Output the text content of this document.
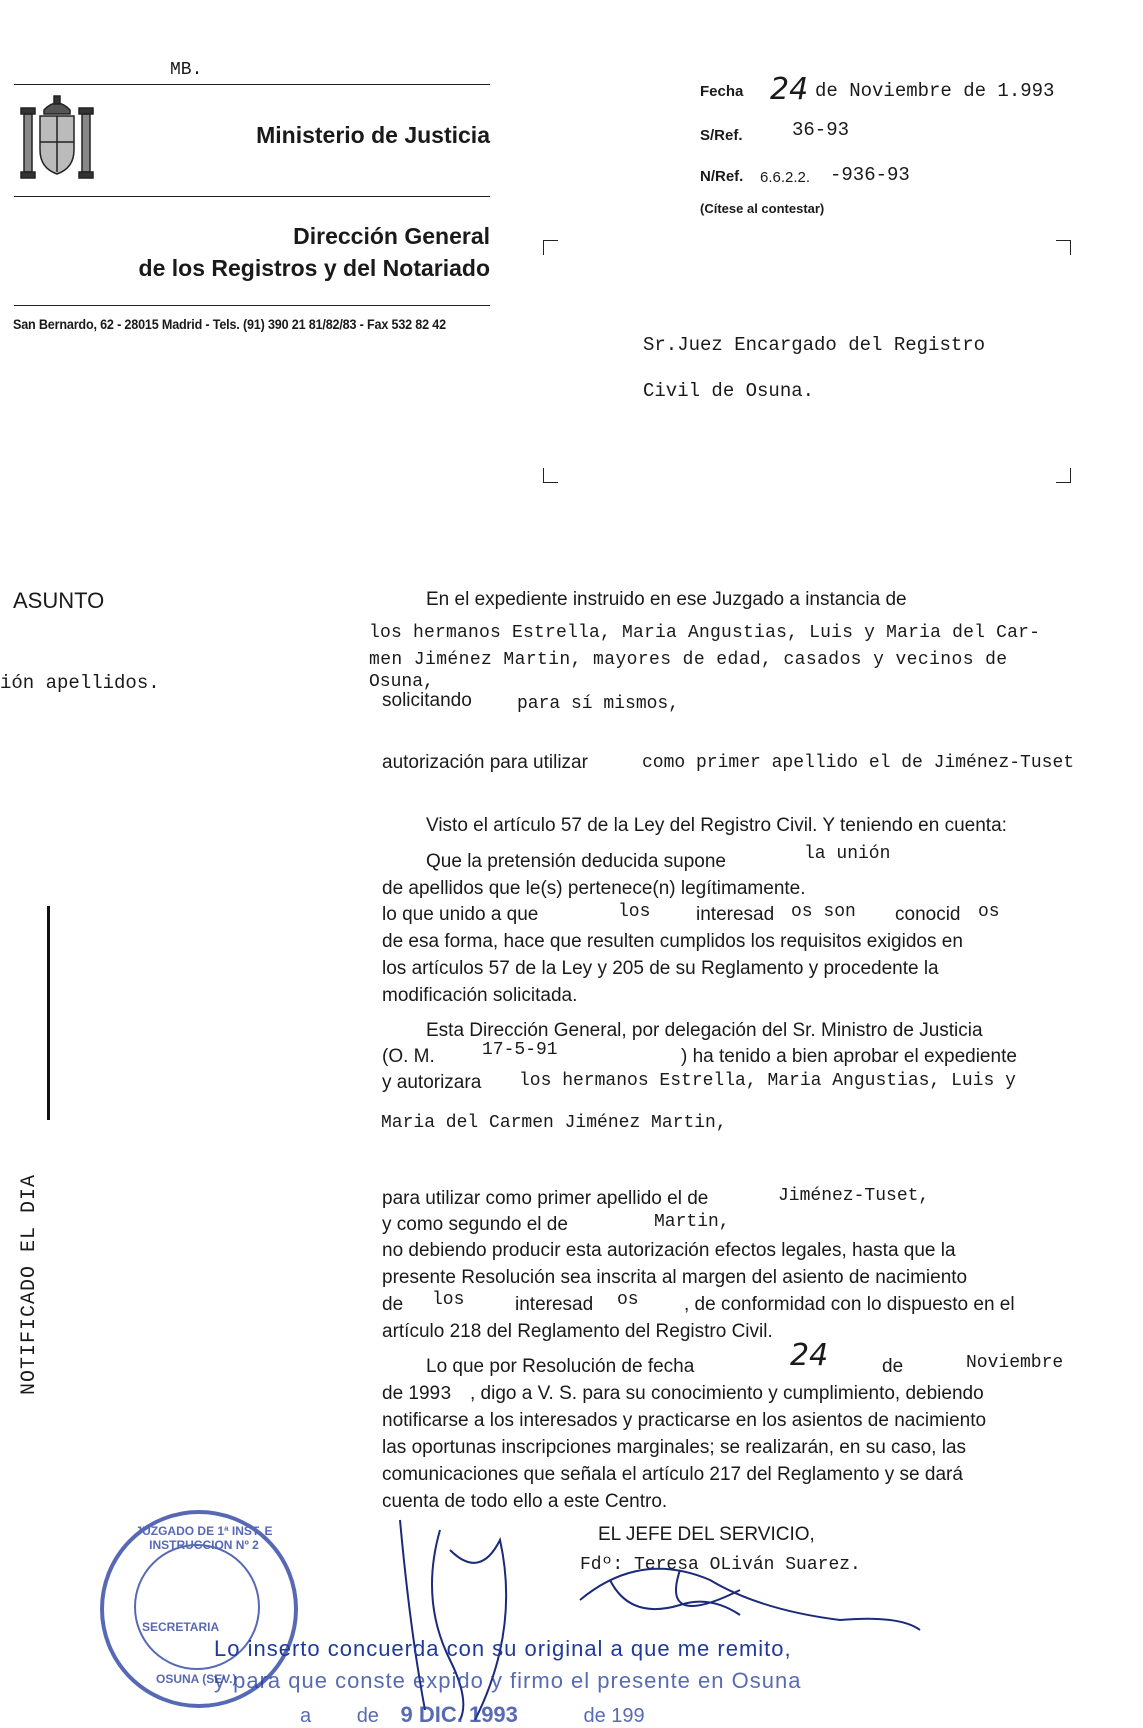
MB.
Ministerio de Justicia
Dirección General
de los Registros y del Notariado
San Bernardo, 62 - 28015 Madrid - Tels. (91) 390 21 81/82/83 - Fax 532 82 42
Fecha 24 de Noviembre de 1.993
S/Ref.	36-93
N/Ref. 6.6.2.2. -936-93
(Cítese al contestar)
Sr.Juez Encargado del Registro
Civil de Osuna.
ASUNTO
ión apellidos.
NOTIFICADO EL DIA
En el expediente instruido en ese Juzgado a instancia de
los hermanos Estrella, Maria Angustias, Luis y Maria del Car-
men Jiménez Martin, mayores de edad, casados y vecinos de
Osuna,
solicitando	para sí mismos,
autorización para utilizar	como primer apellido el de Jiménez-Tuset
Visto el artículo 57 de la Ley del Registro Civil. Y teniendo en cuenta:
Que la pretensión deducida supone	la unión
de apellidos que le(s) pertenece(n) legítimamente.
lo que unido a que	los interesad os son conocid os
de esa forma, hace que resulten cumplidos los requisitos exigidos en
los artículos 57 de la Ley y 205 de su Reglamento y procedente la
modificación solicitada.
Esta Dirección General, por delegación del Sr. Ministro de Justicia
(O. M.	17-5-91	) ha tenido a bien aprobar el expediente
y autorizara los hermanos Estrella, Maria Angustias, Luis y
Maria del Carmen Jiménez Martin,
para utilizar como primer apellido el de	Jiménez-Tuset,
y como segundo el de	Martin,
no debiendo producir esta autorización efectos legales, hasta que la
presente Resolución sea inscrita al margen del asiento de nacimiento
de los	interesad os , de conformidad con lo dispuesto en el
artículo 218 del Reglamento del Registro Civil.
Lo que por Resolución de fecha	24	de	Noviembre
de 1993 , digo a V. S. para su conocimiento y cumplimiento, debiendo
notificarse a los interesados y practicarse en los asientos de nacimiento
las oportunas inscripciones marginales; se realizarán, en su caso, las
comunicaciones que señala el artículo 217 del Reglamento y se dará
cuenta de todo ello a este Centro.
EL JEFE DEL SERVICIO,
Fdº: Teresa OLiván Suarez.
JUZGADO DE 1ª INST. E INSTRUCCION Nº 2
SECRETARIA
OSUNA (SEV.)
Lo inserto concuerda con su original a que me remito,
y para que conste expido y firmo el presente en Osuna
a de 9 DIC. 1993	de 199
